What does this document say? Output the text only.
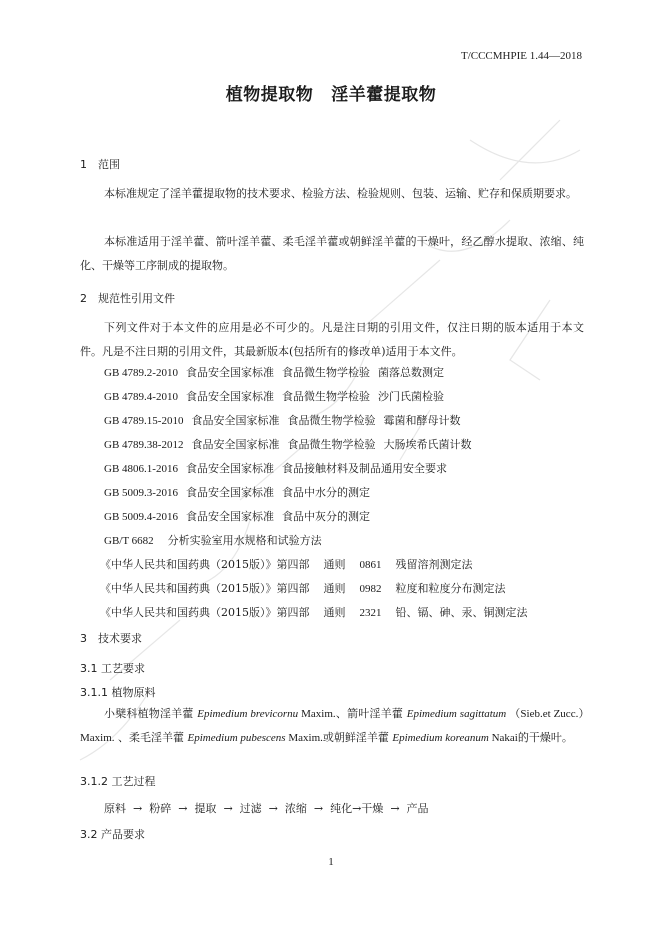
T/CCCMHPIE 1.44—2018
植物提取物 淫羊藿提取物
1 范围
本标准规定了淫羊藿提取物的技术要求、检验方法、检验规则、包装、运输、贮存和保质期要求。
本标准适用于淫羊藿、箭叶淫羊藿、柔毛淫羊藿或朝鲜淫羊藿的干燥叶，经乙醇水提取、浓缩、纯化、干燥等工序制成的提取物。
2 规范性引用文件
下列文件对于本文件的应用是必不可少的。凡是注日期的引用文件，仅注日期的版本适用于本文件。凡是不注日期的引用文件，其最新版本(包括所有的修改单)适用于本文件。
GB 4789.2-2010 食品安全国家标准 食品微生物学检验 菌落总数测定
GB 4789.4-2010 食品安全国家标准 食品微生物学检验 沙门氏菌检验
GB 4789.15-2010 食品安全国家标准 食品微生物学检验 霉菌和酵母计数
GB 4789.38-2012 食品安全国家标准 食品微生物学检验 大肠埃希氏菌计数
GB 4806.1-2016 食品安全国家标准 食品接触材料及制品通用安全要求
GB 5009.3-2016 食品安全国家标准 食品中水分的测定
GB 5009.4-2016 食品安全国家标准 食品中灰分的测定
GB/T 6682 分析实验室用水规格和试验方法
《中华人民共和国药典（2015版）》第四部 通则 0861 残留溶剂测定法
《中华人民共和国药典（2015版）》第四部 通则 0982 粒度和粒度分布测定法
《中华人民共和国药典（2015版）》第四部 通则 2321 铅、镉、砷、汞、铜测定法
3 技术要求
3.1 工艺要求
3.1.1 植物原料
小檗科植物淫羊藿 Epimedium brevicornu Maxim.、箭叶淫羊藿 Epimedium sagittatum （Sieb.et Zucc.）Maxim. 、柔毛淫羊藿 Epimedium pubescens Maxim.或朝鲜淫羊藿 Epimedium koreanum Nakai的干燥叶。
3.1.2 工艺过程
原料 → 粉碎 → 提取 → 过滤 → 浓缩 → 纯化→干燥 → 产品
3.2 产品要求
1
